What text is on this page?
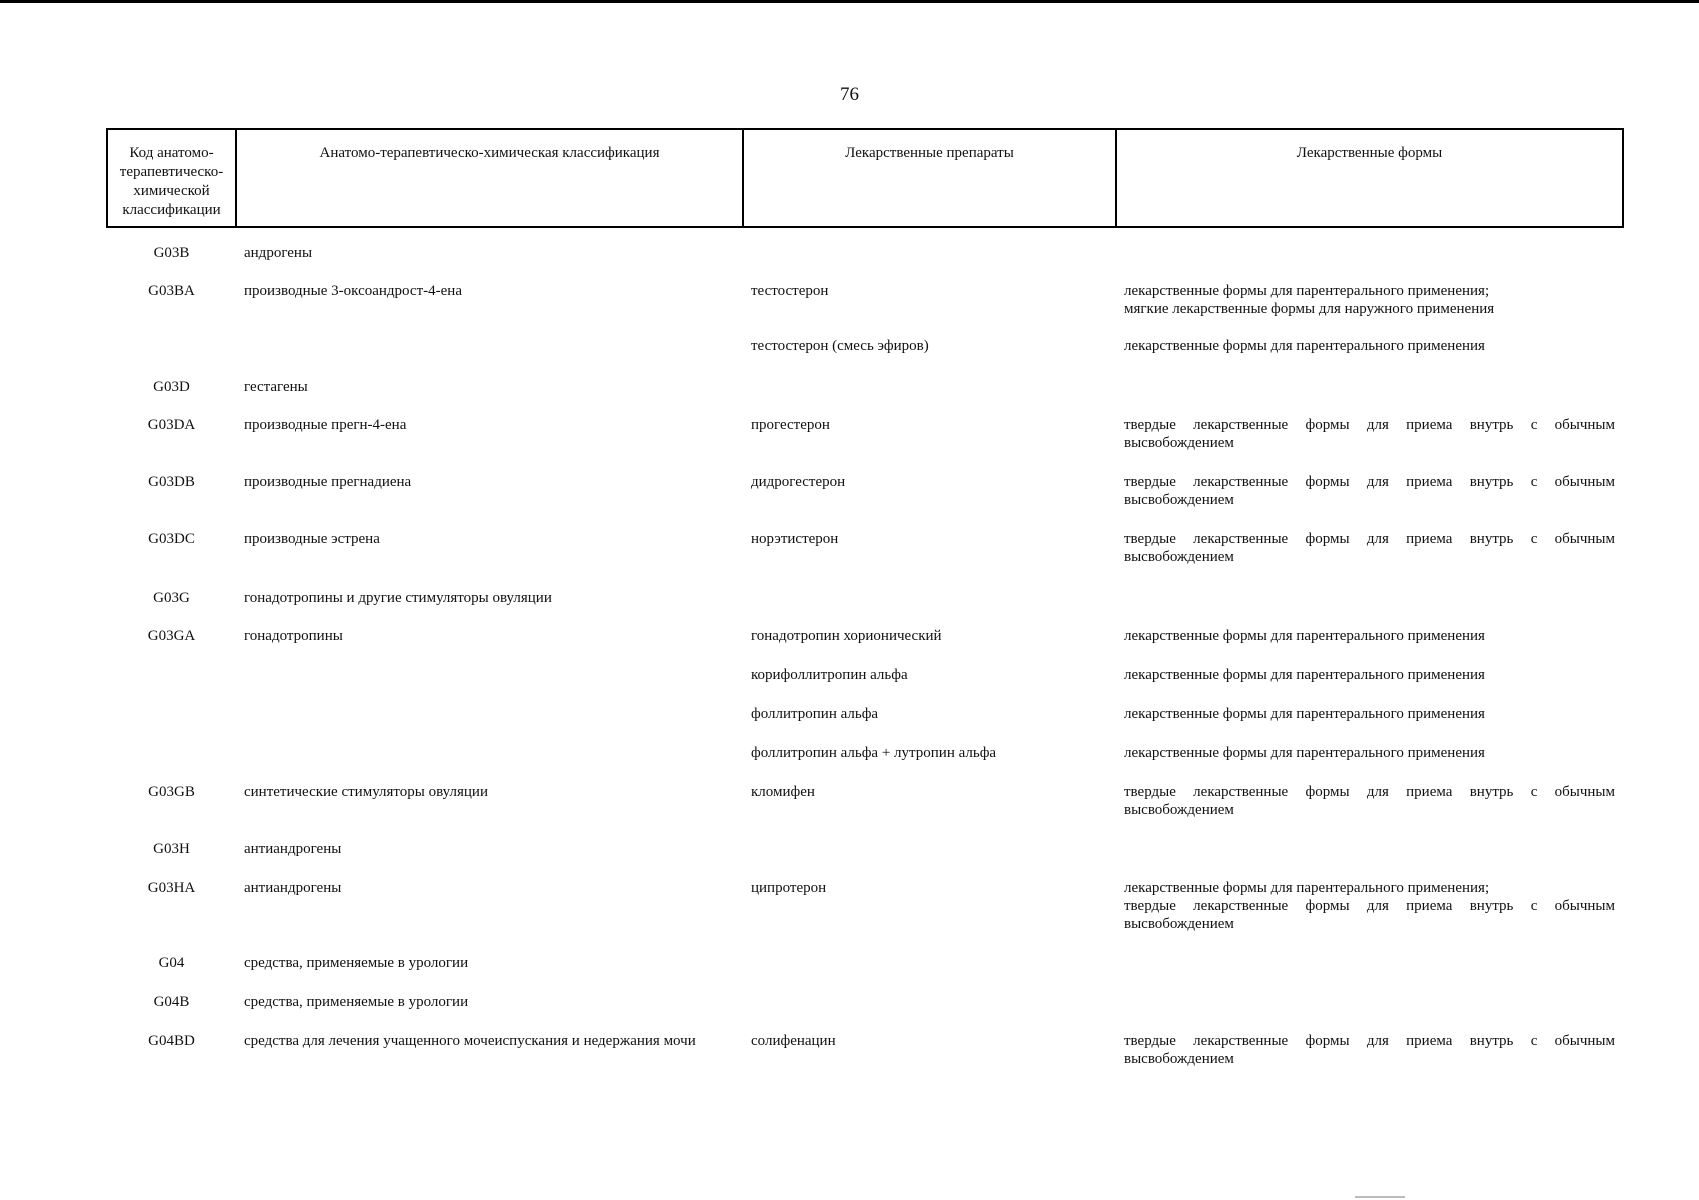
76
Код анатомо-терапевтическо-химической классификации	Анатомо-терапевтическо-химическая классификация	Лекарственные препараты	Лекарственные формы
G03B	андрогены		
G03BA	производные 3-оксоандрост-4-ена	тестостерон	лекарственные формы для парентерального применения;
мягкие лекарственные формы для наружного применения
		тестостерон (смесь эфиров)	лекарственные формы для парентерального применения
G03D	гестагены		
G03DA	производные прегн-4-ена	прогестерон	твердые лекарственные формы для приема внутрь с обычным высвобождением
G03DB	производные прегнадиена	дидрогестерон	твердые лекарственные формы для приема внутрь с обычным высвобождением
G03DC	производные эстрена	норэтистерон	твердые лекарственные формы для приема внутрь с обычным высвобождением
G03G	гонадотропины и другие стимуляторы овуляции		
G03GA	гонадотропины	гонадотропин хорионический	лекарственные формы для парентерального применения
		корифоллитропин альфа	лекарственные формы для парентерального применения
		фоллитропин альфа	лекарственные формы для парентерального применения
		фоллитропин альфа + лутропин альфа	лекарственные формы для парентерального применения
G03GB	синтетические стимуляторы овуляции	кломифен	твердые лекарственные формы для приема внутрь с обычным высвобождением
G03H	антиандрогены		
G03HA	антиандрогены	ципротерон	лекарственные формы для парентерального применения;
твердые лекарственные формы для приема внутрь с обычным высвобождением
G04	средства, применяемые в урологии		
G04B	средства, применяемые в урологии		
G04BD	средства для лечения учащенного мочеиспускания и недержания мочи	солифенацин	твердые лекарственные формы для приема внутрь с обычным высвобождением
